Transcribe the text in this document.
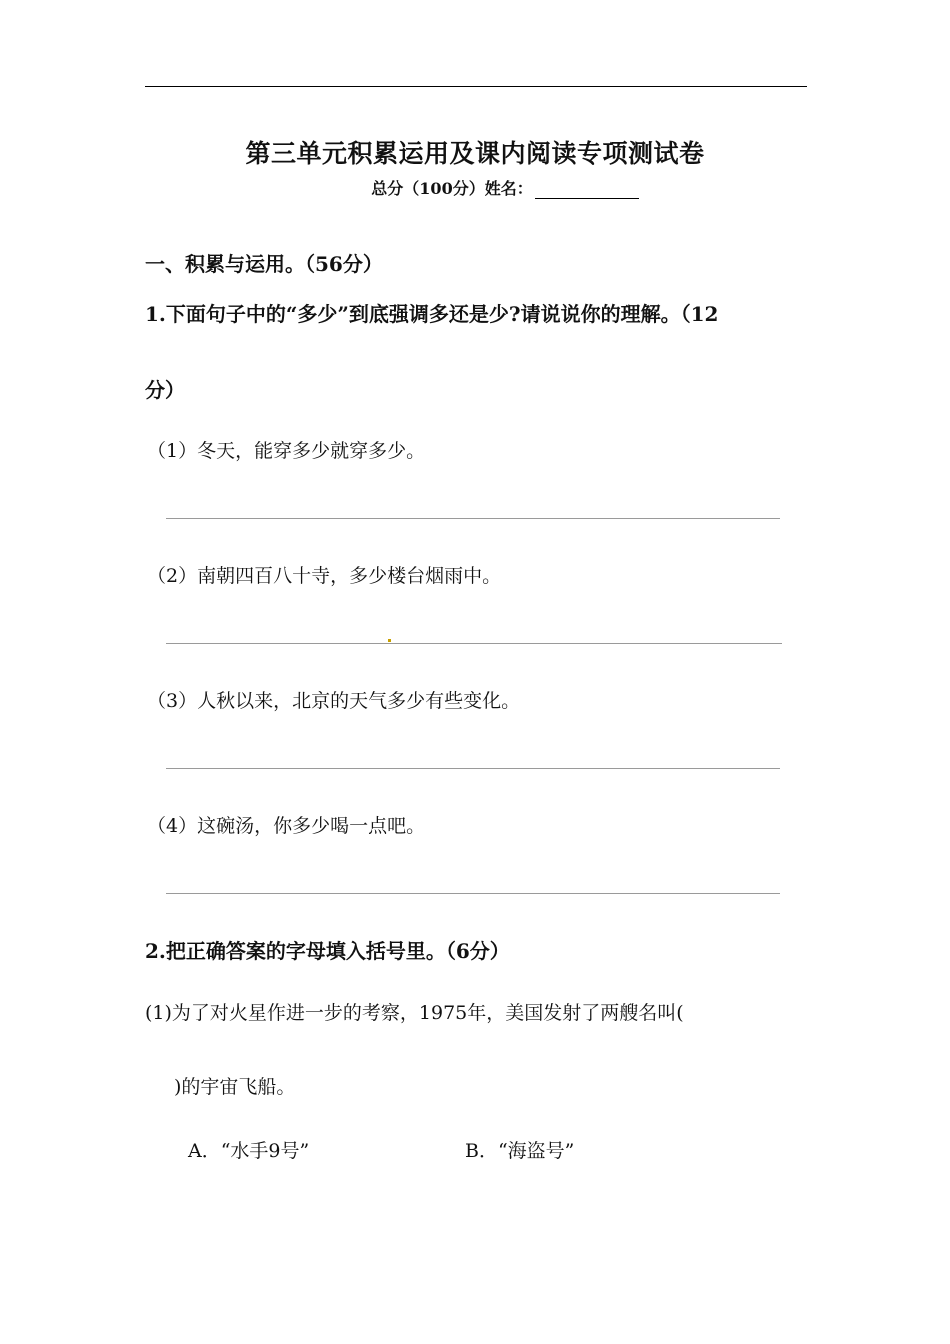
第三单元积累运用及课内阅读专项测试卷
总分（100分）姓名：
一、积累与运用。（56分）
1.下面句子中的“多少”到底强调多还是少?请说说你的理解。（12
分）
（1）冬天，能穿多少就穿多少。
（2）南朝四百八十寺，多少楼台烟雨中。
（3）人秋以来，北京的天气多少有些变化。
（4）这碗汤，你多少喝一点吧。
2.把正确答案的字母填入括号里。（6分）
(1)为了对火星作进一步的考察，1975年，美国发射了两艘名叫(
)的宇宙飞船。
A．“水手9号”	B．“海盗号”
